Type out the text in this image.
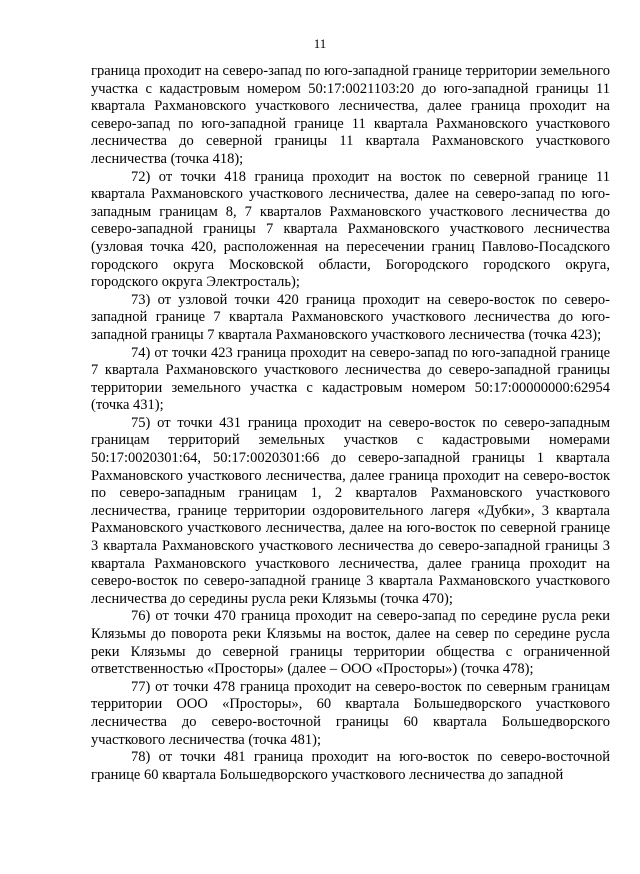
11

граница проходит на северо-запад по юго-западной границе территории земельного участка с кадастровым номером 50:17:0021103:20 до юго-западной границы 11 квартала Рахмановского участкового лесничества, далее граница проходит на северо-запад по юго-западной границе 11 квартала Рахмановского участкового лесничества до северной границы 11 квартала Рахмановского участкового лесничества (точка 418);

72) от точки 418 граница проходит на восток по северной границе 11 квартала Рахмановского участкового лесничества, далее на северо-запад по юго-западным границам 8, 7 кварталов Рахмановского участкового лесничества до северо-западной границы 7 квартала Рахмановского участкового лесничества (узловая точка 420, расположенная на пересечении границ Павлово-Посадского городского округа Московской области, Богородского городского округа, городского округа Электросталь);

73) от узловой точки 420 граница проходит на северо-восток по северо-западной границе 7 квартала Рахмановского участкового лесничества до юго-западной границы 7 квартала Рахмановского участкового лесничества (точка 423);

74) от точки 423 граница проходит на северо-запад по юго-западной границе 7 квартала Рахмановского участкового лесничества до северо-западной границы территории земельного участка с кадастровым номером 50:17:00000000:62954 (точка 431);

75) от точки 431 граница проходит на северо-восток по северо-западным границам территорий земельных участков с кадастровыми номерами 50:17:0020301:64, 50:17:0020301:66 до северо-западной границы 1 квартала Рахмановского участкового лесничества, далее граница проходит на северо-восток по северо-западным границам 1, 2 кварталов Рахмановского участкового лесничества, границе территории оздоровительного лагеря «Дубки», 3 квартала Рахмановского участкового лесничества, далее на юго-восток по северной границе 3 квартала Рахмановского участкового лесничества до северо-западной границы 3 квартала Рахмановского участкового лесничества, далее граница проходит на северо-восток по северо-западной границе 3 квартала Рахмановского участкового лесничества до середины русла реки Клязьмы (точка 470);

76) от точки 470 граница проходит на северо-запад по середине русла реки Клязьмы до поворота реки Клязьмы на восток, далее на север по середине русла реки Клязьмы до северной границы территории общества с ограниченной ответственностью «Просторы» (далее – ООО «Просторы») (точка 478);

77) от точки 478 граница проходит на северо-восток по северным границам территории ООО «Просторы», 60 квартала Большедворского участкового лесничества до северо-восточной границы 60 квартала Большедворского участкового лесничества (точка 481);

78) от точки 481 граница проходит на юго-восток по северо-восточной границе 60 квартала Большедворского участкового лесничества до западной
